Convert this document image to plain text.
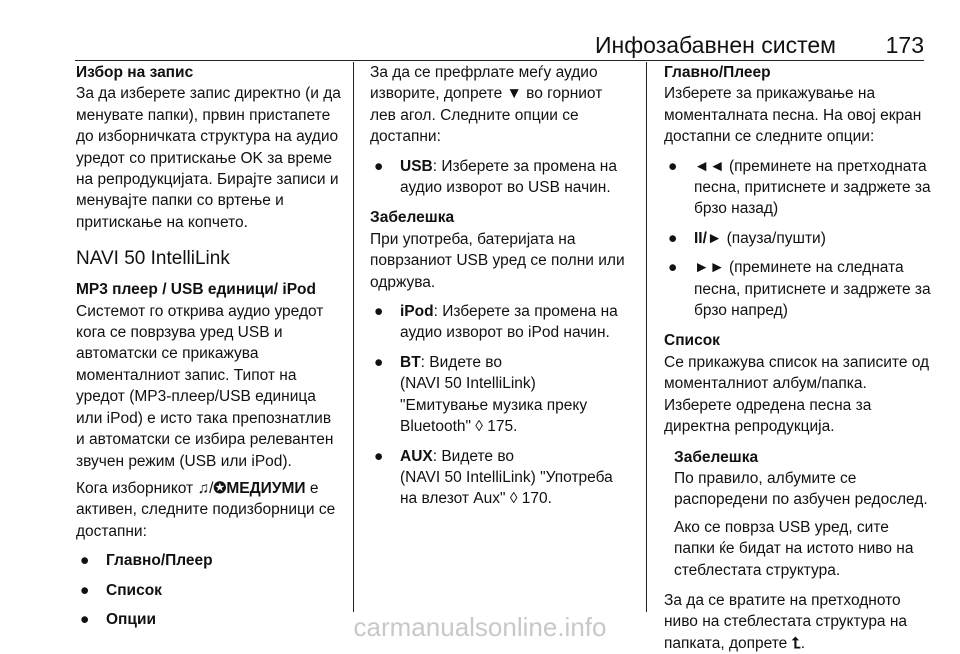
Инфозабавнен систем 173

Избор на запис

За да изберете запис директно (и да менувате папки), првин пристапете до изборничката структура на аудио уредот со притискање OK за време на репродукцијата. Бирајте записи и менувајте папки со вртење и притискање на копчето.

NAVI 50 IntelliLink

MP3 плеер / USB единици/ iPod

Системот го открива аудио уредот кога се поврзува уред USB и автоматски се прикажува моменталниот запис. Типот на уредот (MP3-плеер/USB единица или iPod) е исто така препознатлив и автоматски се избира релевантен звучен режим (USB или iPod).

Кога изборникот ♫/✪МЕДИУМИ е активен, следните подизборници се достапни:

● Главно/Плеер
● Список
● Опции

За да се префрлате меѓу аудио изворите, допрете ▼ во горниот лев агол. Следните опции се достапни:

● USB: Изберете за промена на аудио изворот во USB начин.

Забелешка

При употреба, батеријата на поврзаниот USB уред се полни или одржува.

● iPod: Изберете за промена на аудио изворот во iPod начин.
● BT: Видете во
(NAVI 50 IntelliLink)
"Емитување музика преку Bluetooth" ◊ 175.
● AUX: Видете во
(NAVI 50 IntelliLink) "Употреба на влезот Aux" ◊ 170.

Главно/Плеер

Изберете за прикажување на моменталната песна. На овој екран достапни се следните опции:

● ◄◄ (преминете на претходната песна, притиснете и задржете за брзо назад)
● II/► (пауза/пушти)
● ►► (преминете на следната песна, притиснете и задржете за брзо напред)

Список

Се прикажува список на записите од моменталниот албум/папка. Изберете одредена песна за директна репродукција.

Забелешка

По правило, албумите се распоредени по азбучен редослед.

Ако се поврза USB уред, сите папки ќе бидат на истото ниво на стеблестата структура.

За да се вратите на претходното ниво на стеблестата структура на папката, допрете ⮤.

carmanualsonline.info
